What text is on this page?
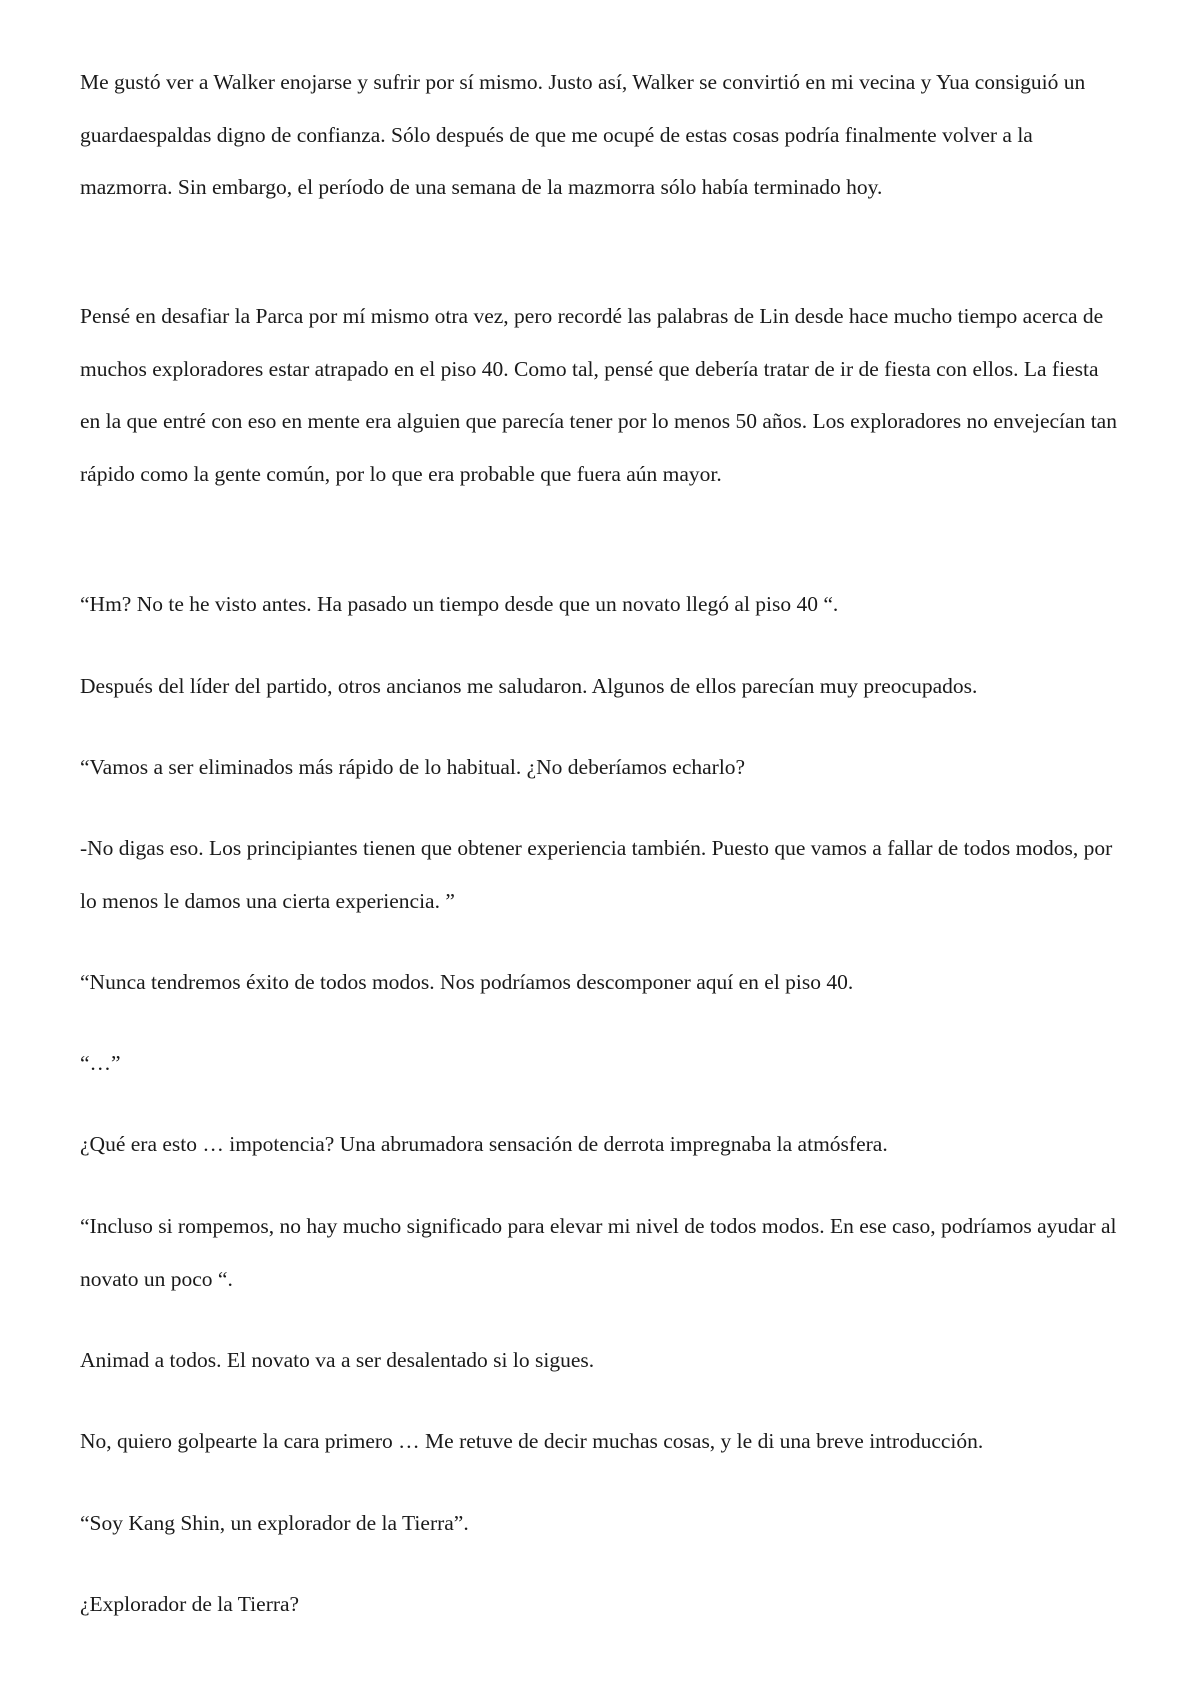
Me gustó ver a Walker enojarse y sufrir por sí mismo. Justo así, Walker se convirtió en mi vecina y Yua consiguió un guardaespaldas digno de confianza. Sólo después de que me ocupé de estas cosas podría finalmente volver a la mazmorra. Sin embargo, el período de una semana de la mazmorra sólo había terminado hoy.

Pensé en desafiar la Parca por mí mismo otra vez, pero recordé las palabras de Lin desde hace mucho tiempo acerca de muchos exploradores estar atrapado en el piso 40. Como tal, pensé que debería tratar de ir de fiesta con ellos. La fiesta en la que entré con eso en mente era alguien que parecía tener por lo menos 50 años. Los exploradores no envejecían tan rápido como la gente común, por lo que era probable que fuera aún mayor.

“Hm? No te he visto antes. Ha pasado un tiempo desde que un novato llegó al piso 40 “.

Después del líder del partido, otros ancianos me saludaron. Algunos de ellos parecían muy preocupados.

“Vamos a ser eliminados más rápido de lo habitual. ¿No deberíamos echarlo?

-No digas eso. Los principiantes tienen que obtener experiencia también. Puesto que vamos a fallar de todos modos, por lo menos le damos una cierta experiencia. ”

“Nunca tendremos éxito de todos modos. Nos podríamos descomponer aquí en el piso 40.

“…”

¿Qué era esto … impotencia? Una abrumadora sensación de derrota impregnaba la atmósfera.

“Incluso si rompemos, no hay mucho significado para elevar mi nivel de todos modos. En ese caso, podríamos ayudar al novato un poco “.

Animad a todos. El novato va a ser desalentado si lo sigues.

No, quiero golpearte la cara primero … Me retuve de decir muchas cosas, y le di una breve introducción.

“Soy Kang Shin, un explorador de la Tierra”.

¿Explorador de la Tierra?
